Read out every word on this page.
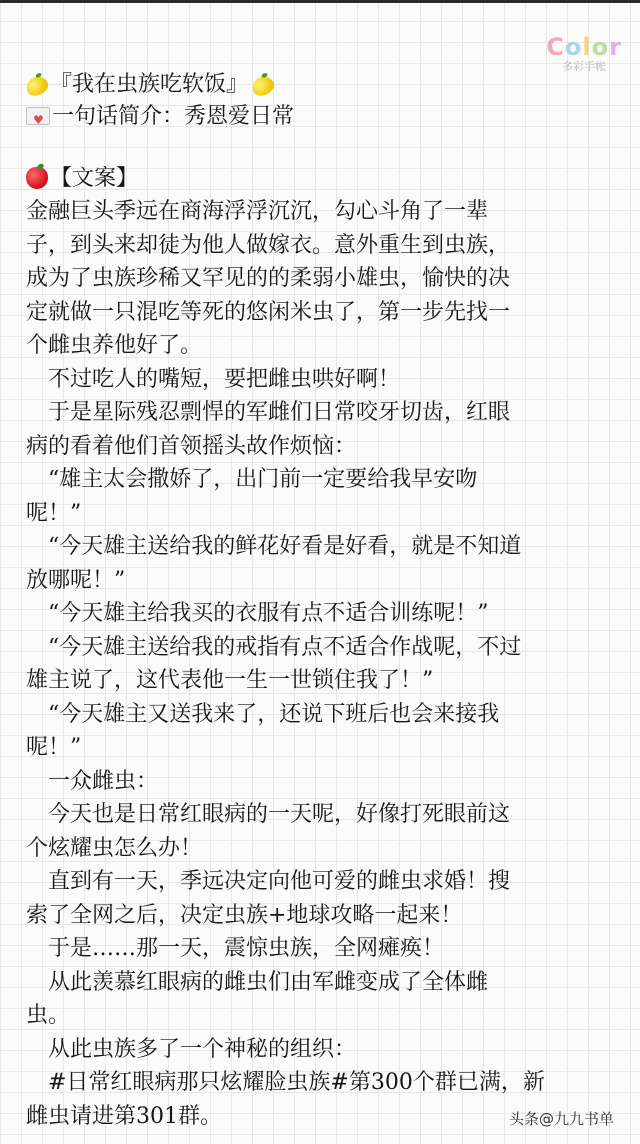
Color
多彩手帐
『我在虫族吃软饭』
♥一句话简介：秀恩爱日常
【文案】
金融巨头季远在商海浮浮沉沉，勾心斗角了一辈
子，到头来却徒为他人做嫁衣。意外重生到虫族，
成为了虫族珍稀又罕见的的柔弱小雄虫，愉快的决
定就做一只混吃等死的悠闲米虫了，第一步先找一
个雌虫养他好了。
　不过吃人的嘴短，要把雌虫哄好啊！
　于是星际残忍剽悍的军雌们日常咬牙切齿，红眼
病的看着他们首领摇头故作烦恼：
　“雄主太会撒娇了，出门前一定要给我早安吻
呢！”
　“今天雄主送给我的鲜花好看是好看，就是不知道
放哪呢！”
　“今天雄主给我买的衣服有点不适合训练呢！”
　“今天雄主送给我的戒指有点不适合作战呢，不过
雄主说了，这代表他一生一世锁住我了！”
　“今天雄主又送我来了，还说下班后也会来接我
呢！”
　一众雌虫：
　今天也是日常红眼病的一天呢，好像打死眼前这
个炫耀虫怎么办！
　直到有一天，季远决定向他可爱的雌虫求婚！搜
索了全网之后，决定虫族+地球攻略一起来！
　于是……那一天，震惊虫族，全网瘫痪！
　从此羡慕红眼病的雌虫们由军雌变成了全体雌
虫。
　从此虫族多了一个神秘的组织：
　#日常红眼病那只炫耀脸虫族#第300个群已满，新
雌虫请进第301群。	头条@九九书单
